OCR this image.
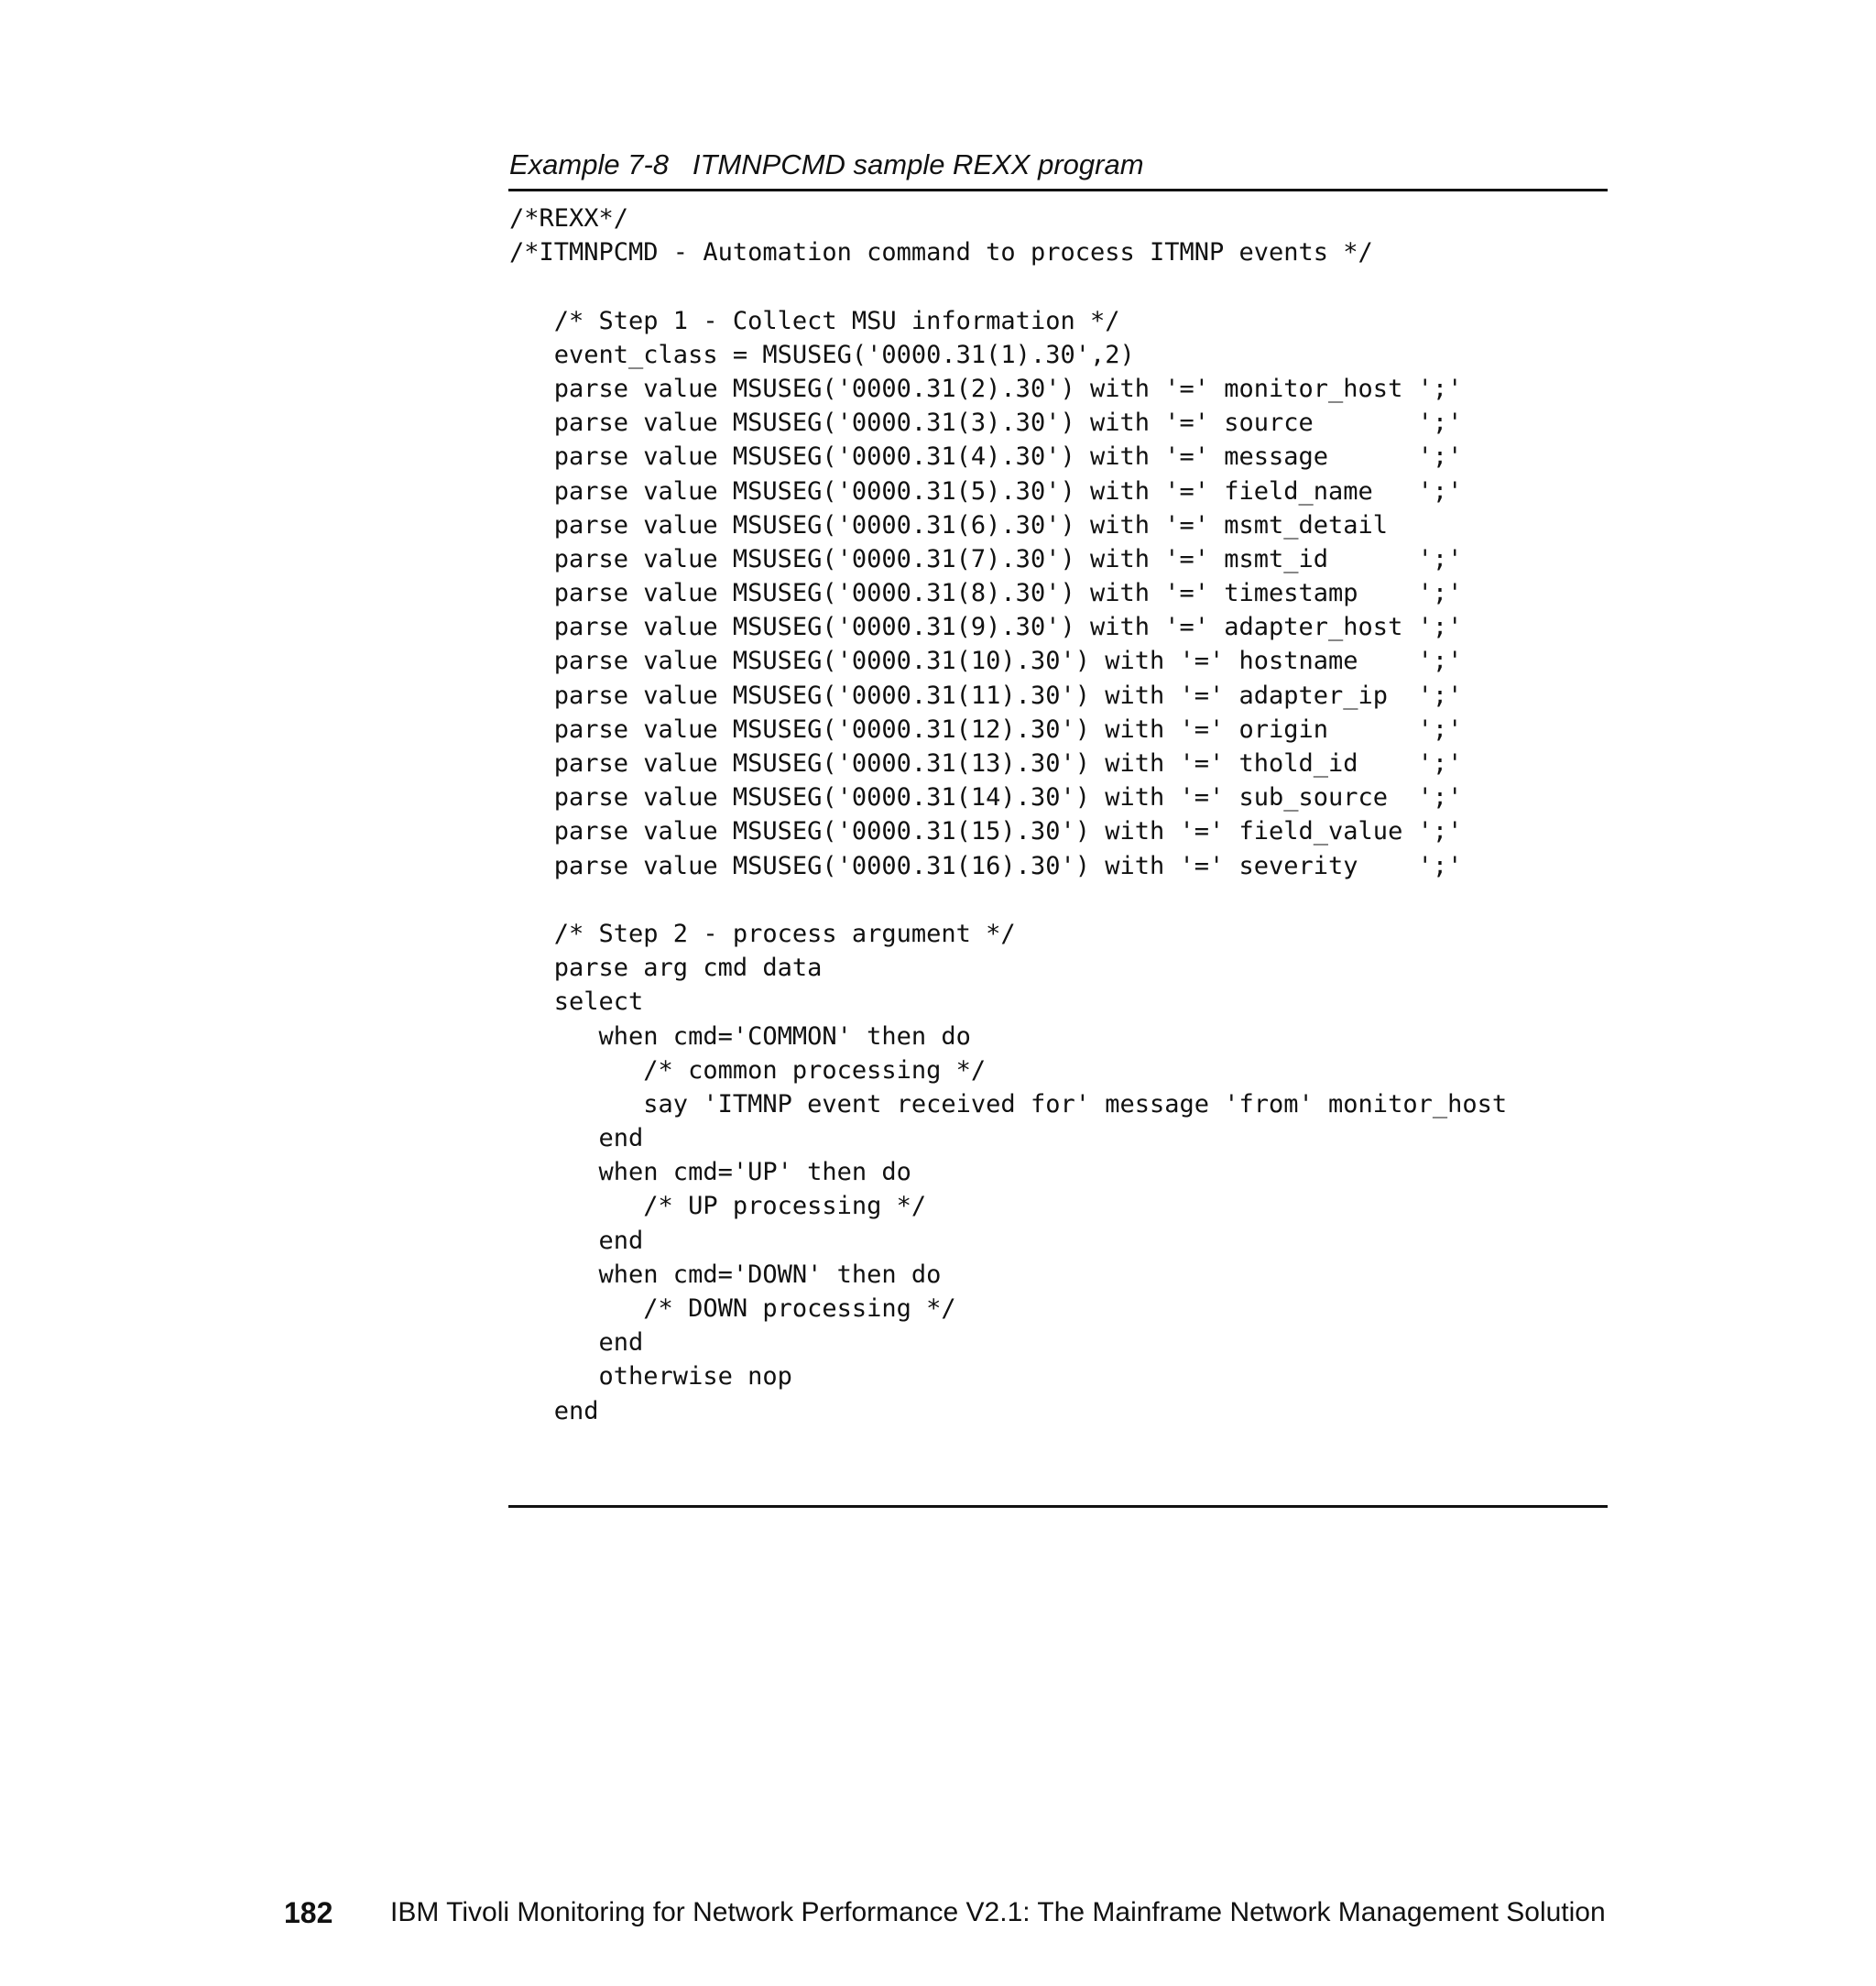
Example 7-8   ITMNPCMD sample REXX program
/*REXX*/
/*ITMNPCMD - Automation command to process ITMNP events */
/* Step 1 - Collect MSU information */
event_class = MSUSEG('0000.31(1).30',2)
parse value MSUSEG('0000.31(2).30') with '=' monitor_host ';'
parse value MSUSEG('0000.31(3).30') with '=' source       ';'
parse value MSUSEG('0000.31(4).30') with '=' message      ';'
parse value MSUSEG('0000.31(5).30') with '=' field_name   ';'
parse value MSUSEG('0000.31(6).30') with '=' msmt_detail
parse value MSUSEG('0000.31(7).30') with '=' msmt_id      ';'
parse value MSUSEG('0000.31(8).30') with '=' timestamp    ';'
parse value MSUSEG('0000.31(9).30') with '=' adapter_host ';'
parse value MSUSEG('0000.31(10).30') with '=' hostname    ';'
parse value MSUSEG('0000.31(11).30') with '=' adapter_ip  ';'
parse value MSUSEG('0000.31(12).30') with '=' origin      ';'
parse value MSUSEG('0000.31(13).30') with '=' thold_id    ';'
parse value MSUSEG('0000.31(14).30') with '=' sub_source  ';'
parse value MSUSEG('0000.31(15).30') with '=' field_value ';'
parse value MSUSEG('0000.31(16).30') with '=' severity    ';'
/* Step 2 - process argument */
parse arg cmd data
select
when cmd='COMMON' then do
/* common processing */
say 'ITMNP event received for' message 'from' monitor_host
end
when cmd='UP' then do
/* UP processing */
end
when cmd='DOWN' then do
/* DOWN processing */
end
otherwise nop
end
182 IBM Tivoli Monitoring for Network Performance V2.1: The Mainframe Network Management Solution
